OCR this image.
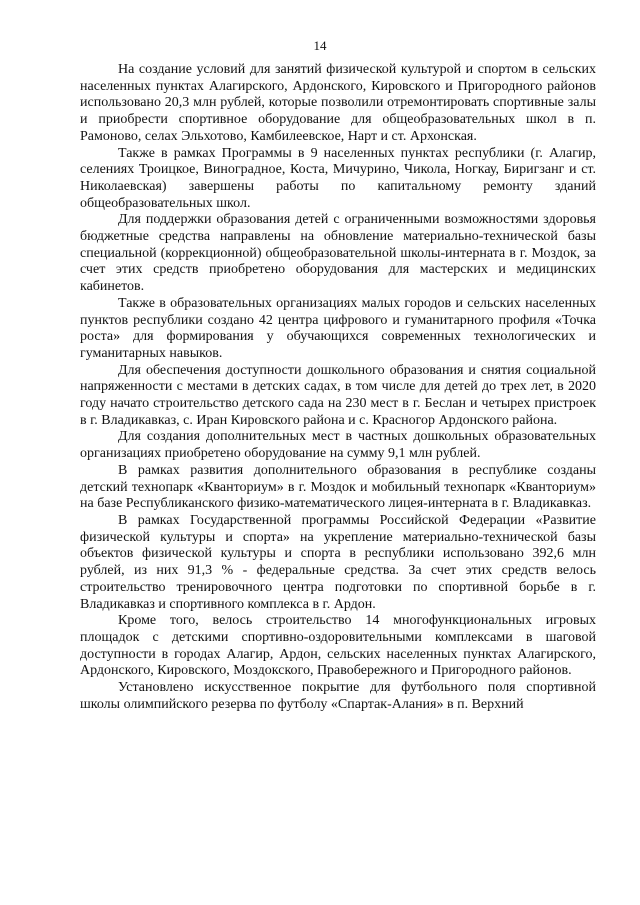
14

На создание условий для занятий физической культурой и спортом в сельских населенных пунктах Алагирского, Ардонского, Кировского и Пригородного районов использовано 20,3 млн рублей, которые позволили отремонтировать спортивные залы и приобрести спортивное оборудование для общеобразовательных школ в п. Рамоново, селах Эльхотово, Камбилеевское, Нарт и ст. Архонская.

Также в рамках Программы в 9 населенных пунктах республики (г. Алагир, селениях Троицкое, Виноградное, Коста, Мичурино, Чикола, Ногкау, Биригзанг и ст. Николаевская) завершены работы по капитальному ремонту зданий общеобразовательных школ.

Для поддержки образования детей с ограниченными возможностями здоровья бюджетные средства направлены на обновление материально-технической базы специальной (коррекционной) общеобразовательной школы-интерната в г. Моздок, за счет этих средств приобретено оборудования для мастерских и медицинских кабинетов.

Также в образовательных организациях малых городов и сельских населенных пунктов республики создано 42 центра цифрового и гуманитарного профиля «Точка роста» для формирования у обучающихся современных технологических и гуманитарных навыков.

Для обеспечения доступности дошкольного образования и снятия социальной напряженности с местами в детских садах, в том числе для детей до трех лет, в 2020 году начато строительство детского сада на 230 мест в г. Беслан и четырех пристроек в г. Владикавказ, с. Иран Кировского района и с. Красногор Ардонского района.

Для создания дополнительных мест в частных дошкольных образовательных организациях приобретено оборудование на сумму 9,1 млн рублей.

В рамках развития дополнительного образования в республике созданы детский технопарк «Кванториум» в г. Моздок и мобильный технопарк «Кванториум» на базе Республиканского физико-математического лицея-интерната в г. Владикавказ.

В рамках Государственной программы Российской Федерации «Развитие физической культуры и спорта» на укрепление материально-технической базы объектов физической культуры и спорта в республики использовано 392,6 млн рублей, из них 91,3 % - федеральные средства. За счет этих средств велось строительство тренировочного центра подготовки по спортивной борьбе в г. Владикавказ и спортивного комплекса в г. Ардон.

Кроме того, велось строительство 14 многофункциональных игровых площадок с детскими спортивно-оздоровительными комплексами в шаговой доступности в городах Алагир, Ардон, сельских населенных пунктах Алагирского, Ардонского, Кировского, Моздокского, Правобережного и Пригородного районов.

Установлено искусственное покрытие для футбольного поля спортивной школы олимпийского резерва по футболу «Спартак-Алания» в п. Верхний
